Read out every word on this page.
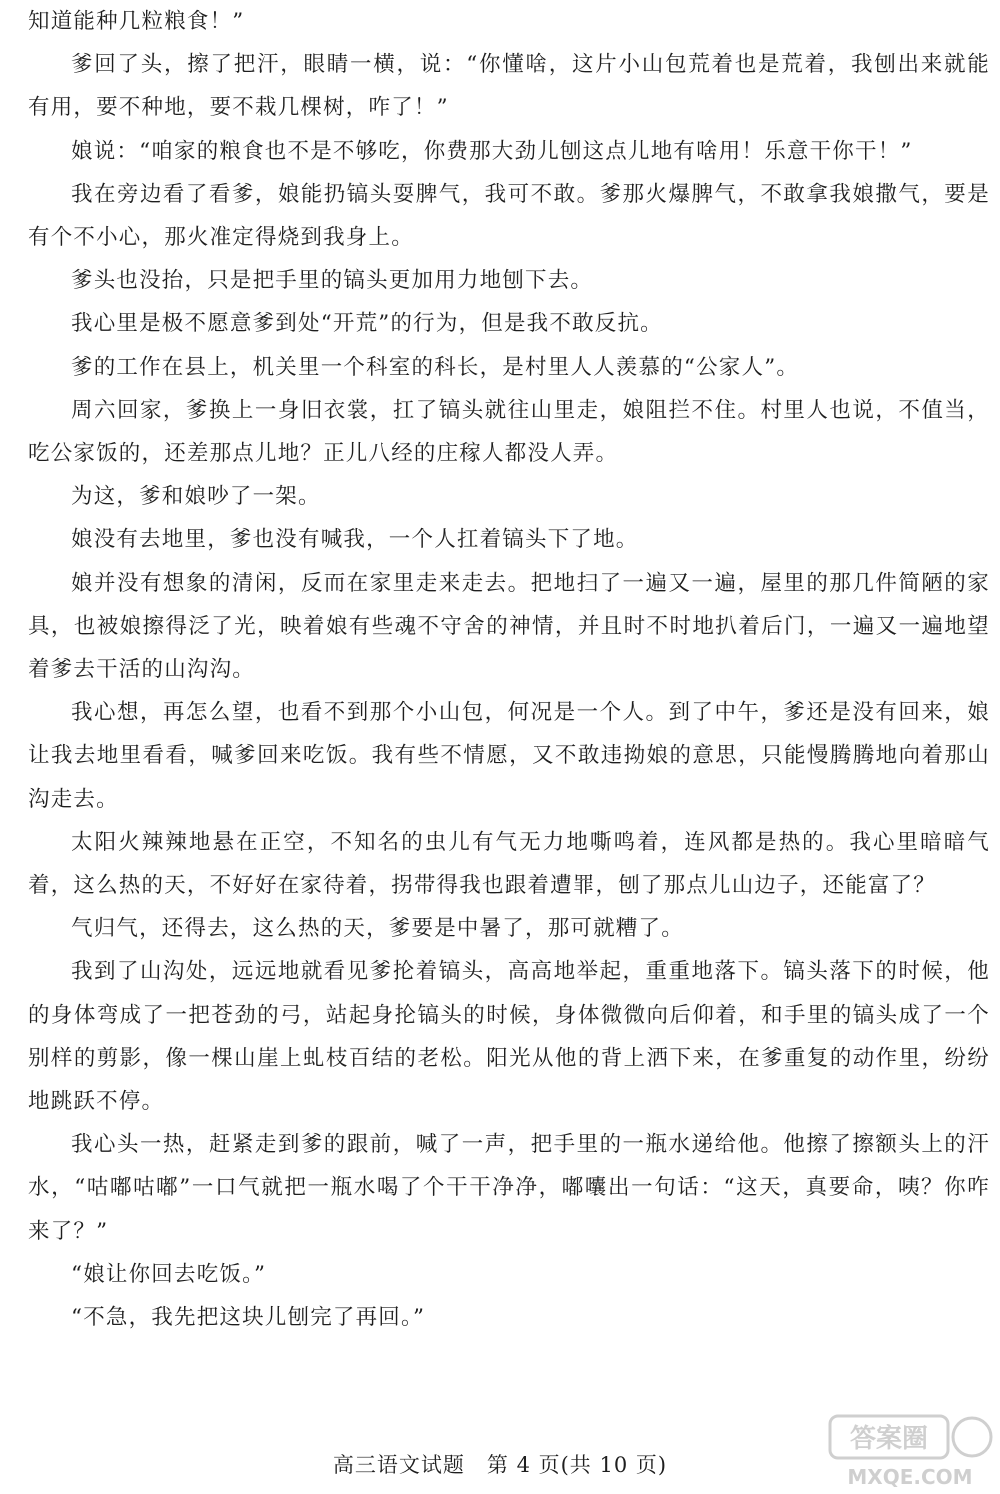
知道能种几粒粮食！”

爹回了头，擦了把汗，眼睛一横，说：“你懂啥，这片小山包荒着也是荒着，我刨出来就能有用，要不种地，要不栽几棵树，咋了！”

娘说：“咱家的粮食也不是不够吃，你费那大劲儿刨这点儿地有啥用！乐意干你干！”

我在旁边看了看爹，娘能扔镐头耍脾气，我可不敢。爹那火爆脾气，不敢拿我娘撒气，要是有个不小心，那火准定得烧到我身上。

爹头也没抬，只是把手里的镐头更加用力地刨下去。

我心里是极不愿意爹到处“开荒”的行为，但是我不敢反抗。

爹的工作在县上，机关里一个科室的科长，是村里人人羡慕的“公家人”。

周六回家，爹换上一身旧衣裳，扛了镐头就往山里走，娘阻拦不住。村里人也说，不值当，吃公家饭的，还差那点儿地？正儿八经的庄稼人都没人弄。

为这，爹和娘吵了一架。

娘没有去地里，爹也没有喊我，一个人扛着镐头下了地。

娘并没有想象的清闲，反而在家里走来走去。把地扫了一遍又一遍，屋里的那几件简陋的家具，也被娘擦得泛了光，映着娘有些魂不守舍的神情，并且时不时地扒着后门，一遍又一遍地望着爹去干活的山沟沟。

我心想，再怎么望，也看不到那个小山包，何况是一个人。到了中午，爹还是没有回来，娘让我去地里看看，喊爹回来吃饭。我有些不情愿，又不敢违拗娘的意思，只能慢腾腾地向着那山沟走去。

太阳火辣辣地悬在正空，不知名的虫儿有气无力地嘶鸣着，连风都是热的。我心里暗暗气着，这么热的天，不好好在家待着，拐带得我也跟着遭罪，刨了那点儿山边子，还能富了？

气归气，还得去，这么热的天，爹要是中暑了，那可就糟了。

我到了山沟处，远远地就看见爹抡着镐头，高高地举起，重重地落下。镐头落下的时候，他的身体弯成了一把苍劲的弓，站起身抡镐头的时候，身体微微向后仰着，和手里的镐头成了一个别样的剪影，像一棵山崖上虬枝百结的老松。阳光从他的背上洒下来，在爹重复的动作里，纷纷地跳跃不停。

我心头一热，赶紧走到爹的跟前，喊了一声，把手里的一瓶水递给他。他擦了擦额头上的汗水，“咕嘟咕嘟”一口气就把一瓶水喝了个干干净净，嘟囔出一句话：“这天，真要命，咦？你咋来了？”

“娘让你回去吃饭。”

“不急，我先把这块儿刨完了再回。”

高三语文试题　第 4 页(共 10 页)
答案圈
MXQE.COM
